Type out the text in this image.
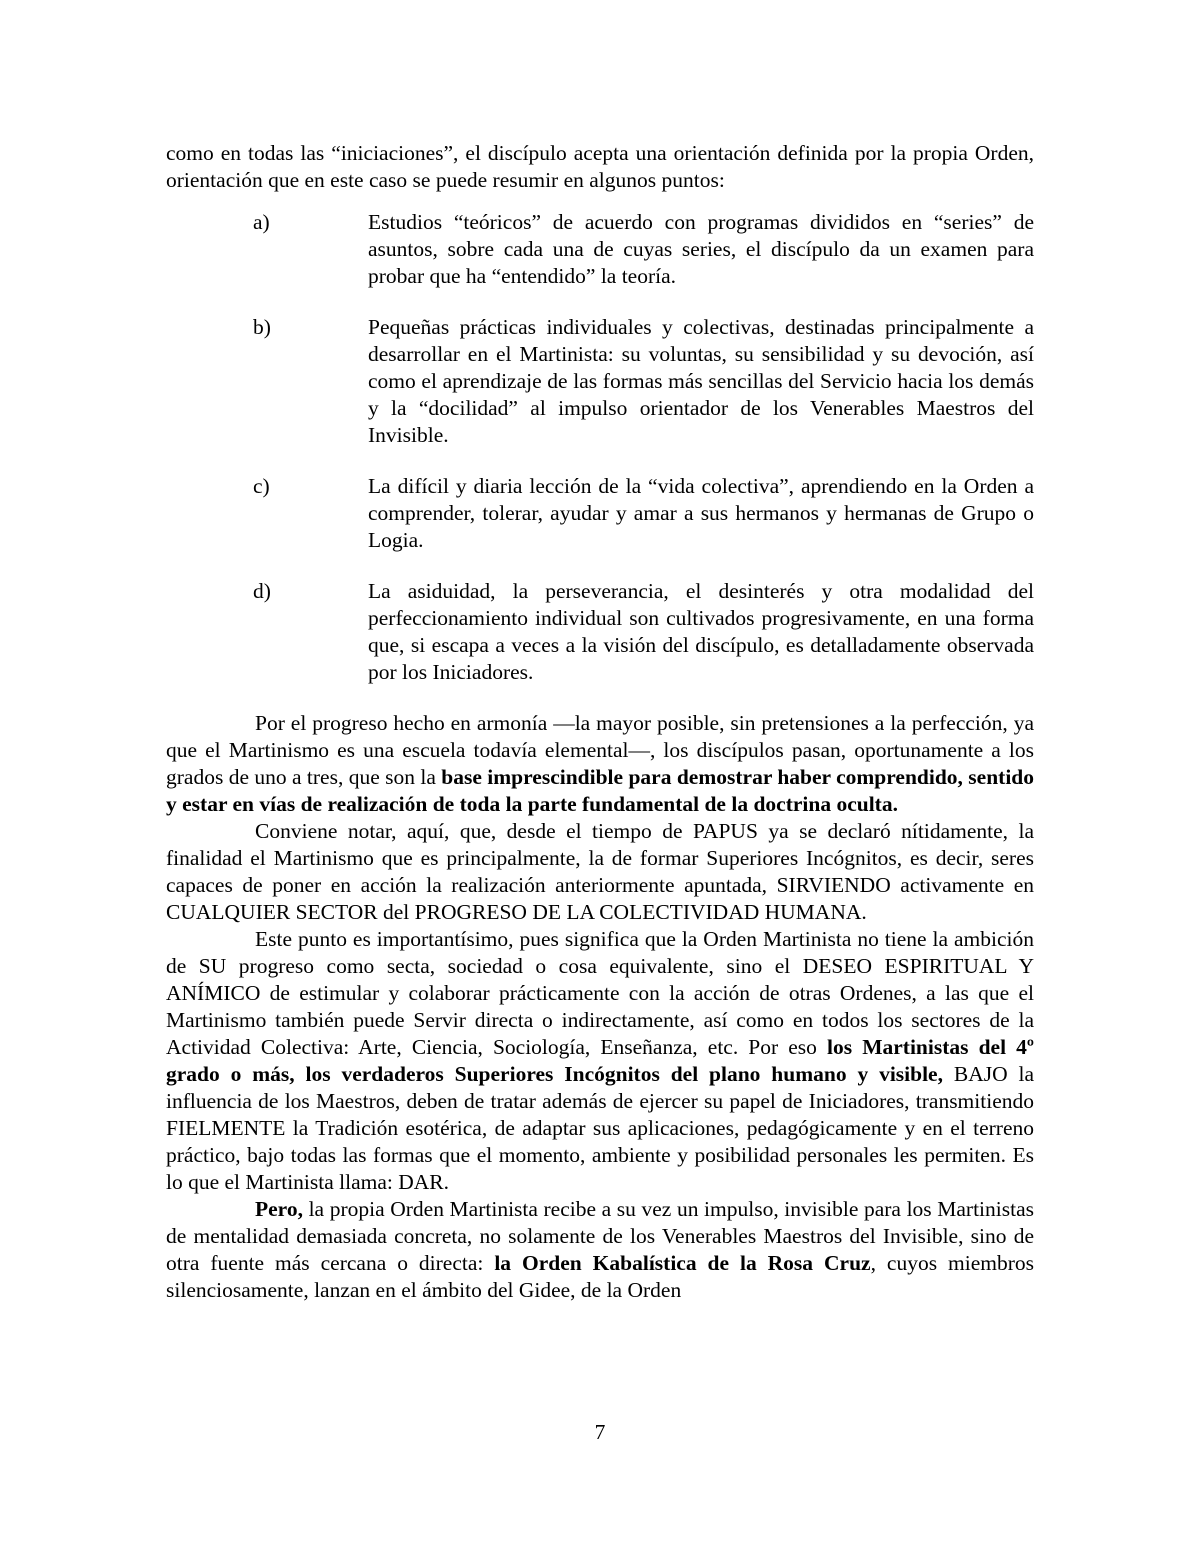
como en todas las “iniciaciones”, el discípulo acepta una orientación definida por la propia Orden, orientación que en este caso se puede resumir en algunos puntos:

a)	Estudios “teóricos” de acuerdo con programas divididos en “series” de asuntos, sobre cada una de cuyas series, el discípulo da un examen para probar que ha “entendido” la teoría.

b)	Pequeñas prácticas individuales y colectivas, destinadas principalmente a desarrollar en el Martinista: su voluntas, su sensibilidad y su devoción, así como el aprendizaje de las formas más sencillas del Servicio hacia los demás y la “docilidad” al impulso orientador de los Venerables Maestros del Invisible.

c)	La difícil y diaria lección de la “vida colectiva”, aprendiendo en la Orden a comprender, tolerar, ayudar y amar a sus hermanos y hermanas de Grupo o Logia.

d)	La asiduidad, la perseverancia, el desinterés y otra modalidad del perfeccionamiento individual son cultivados progresivamente, en una forma que, si escapa a veces a la visión del discípulo, es detalladamente observada por los Iniciadores.

Por el progreso hecho en armonía —la mayor posible, sin pretensiones a la perfección, ya que el Martinismo es una escuela todavía elemental—, los discípulos pasan, oportunamente a los grados de uno a tres, que son la base imprescindible para demostrar haber comprendido, sentido y estar en vías de realización de toda la parte fundamental de la doctrina oculta.

Conviene notar, aquí, que, desde el tiempo de PAPUS ya se declaró nítidamente, la finalidad el Martinismo que es principalmente, la de formar Superiores Incógnitos, es decir, seres capaces de poner en acción la realización anteriormente apuntada, SIRVIENDO activamente en CUALQUIER SECTOR del PROGRESO DE LA COLECTIVIDAD HUMANA.

Este punto es importantísimo, pues significa que la Orden Martinista no tiene la ambición de SU progreso como secta, sociedad o cosa equivalente, sino el DESEO ESPIRITUAL Y ANÍMICO de estimular y colaborar prácticamente con la acción de otras Ordenes, a las que el Martinismo también puede Servir directa o indirectamente, así como en todos los sectores de la Actividad Colectiva: Arte, Ciencia, Sociología, Enseñanza, etc. Por eso los Martinistas del 4º grado o más, los verdaderos Superiores Incógnitos del plano humano y visible, BAJO la influencia de los Maestros, deben de tratar además de ejercer su papel de Iniciadores, transmitiendo FIELMENTE la Tradición esotérica, de adaptar sus aplicaciones, pedagógicamente y en el terreno práctico, bajo todas las formas que el momento, ambiente y posibilidad personales les permiten. Es lo que el Martinista llama: DAR.

Pero, la propia Orden Martinista recibe a su vez un impulso, invisible para los Martinistas de mentalidad demasiada concreta, no solamente de los Venerables Maestros del Invisible, sino de otra fuente más cercana o directa: la Orden Kabalística de la Rosa Cruz, cuyos miembros silenciosamente, lanzan en el ámbito del Gidee, de la Orden

7
